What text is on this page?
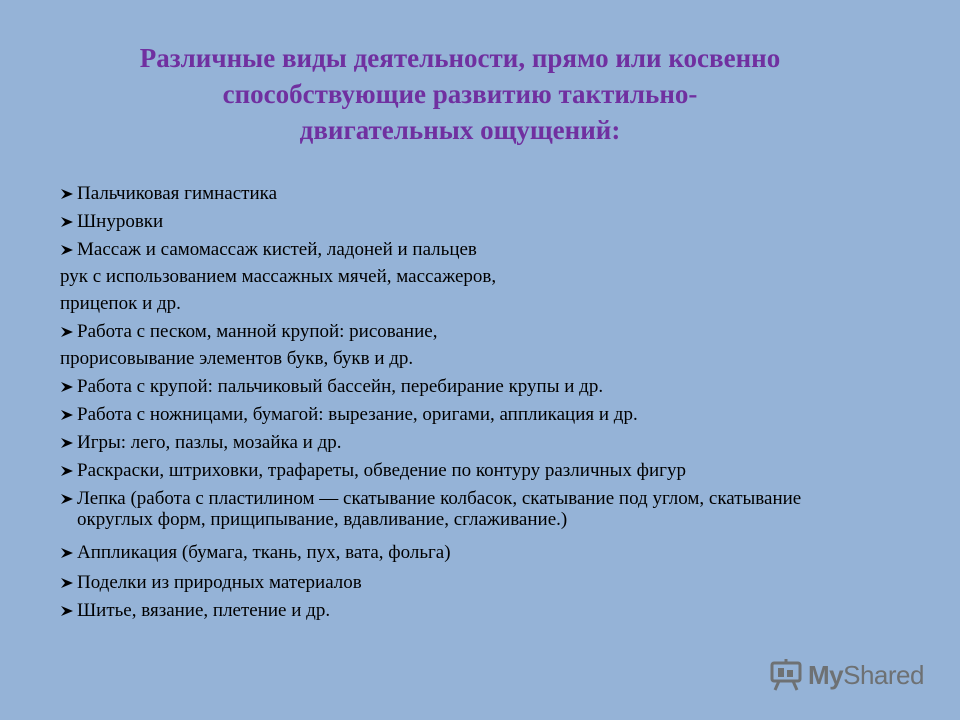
Различные виды деятельности, прямо или косвенно
способствующие развитию тактильно-
двигательных ощущений:
Пальчиковая гимнастика
Шнуровки
Массаж и самомассаж кистей, ладоней и пальцев
рук с использованием массажных мячей, массажеров,
прицепок и др.
Работа с песком, манной крупой: рисование,
прорисовывание элементов букв, букв и др.
Работа с крупой: пальчиковый бассейн, перебирание крупы и др.
Работа с ножницами, бумагой: вырезание, оригами, аппликация и др.
Игры: лего, пазлы, мозайка и др.
Раскраски, штриховки, трафареты, обведение по контуру различных фигур
Лепка (работа с пластилином — скатывание колбасок, скатывание под углом, скатывание округлых форм, прищипывание, вдавливание, сглаживание.)
Аппликация (бумага, ткань, пух, вата, фольга)
Поделки из природных материалов
Шитье, вязание, плетение и др.
My Shared
